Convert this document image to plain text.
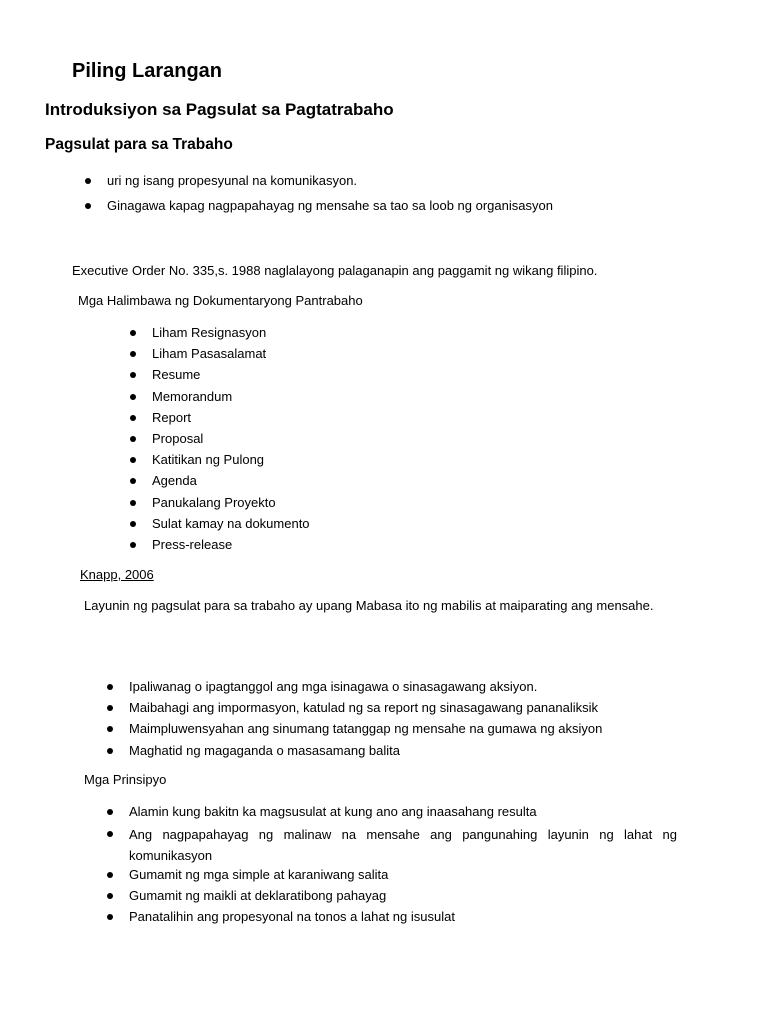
Piling Larangan
Introduksiyon sa Pagsulat sa Pagtatrabaho
Pagsulat para sa Trabaho
uri ng isang propesyunal na komunikasyon.
Ginagawa kapag nagpapahayag ng mensahe sa tao sa loob ng organisasyon

Executive Order No. 335,s. 1988 naglalayong palaganapin ang paggamit ng wikang filipino.

Mga Halimbawa ng Dokumentaryong Pantrabaho

Liham Resignasyon
Liham Pasasalamat
Resume
Memorandum
Report
Proposal
Katitikan ng Pulong
Agenda
Panukalang Proyekto
Sulat kamay na dokumento
Press-release

Knapp, 2006

Layunin ng pagsulat para sa trabaho ay upang Mabasa ito ng mabilis at maiparating ang mensahe.

Ipaliwanag o ipagtanggol ang mga isinagawa o sinasagawang aksiyon.
Maibahagi ang impormasyon, katulad ng sa report ng sinasagawang pananaliksik
Maimpluwensyahan ang sinumang tatanggap ng mensahe na gumawa ng aksiyon
Maghatid ng magaganda o masasamang balita

Mga Prinsipyo

Alamin kung bakitn ka magsusulat at kung ano ang inaasahang resulta
Ang nagpapahayag ng malinaw na mensahe ang pangunahing layunin ng lahat ng komunikasyon
Gumamit ng mga simple at karaniwang salita
Gumamit ng maikli at deklaratibong pahayag
Panatalihin ang propesyonal na tonos a lahat ng isusulat
